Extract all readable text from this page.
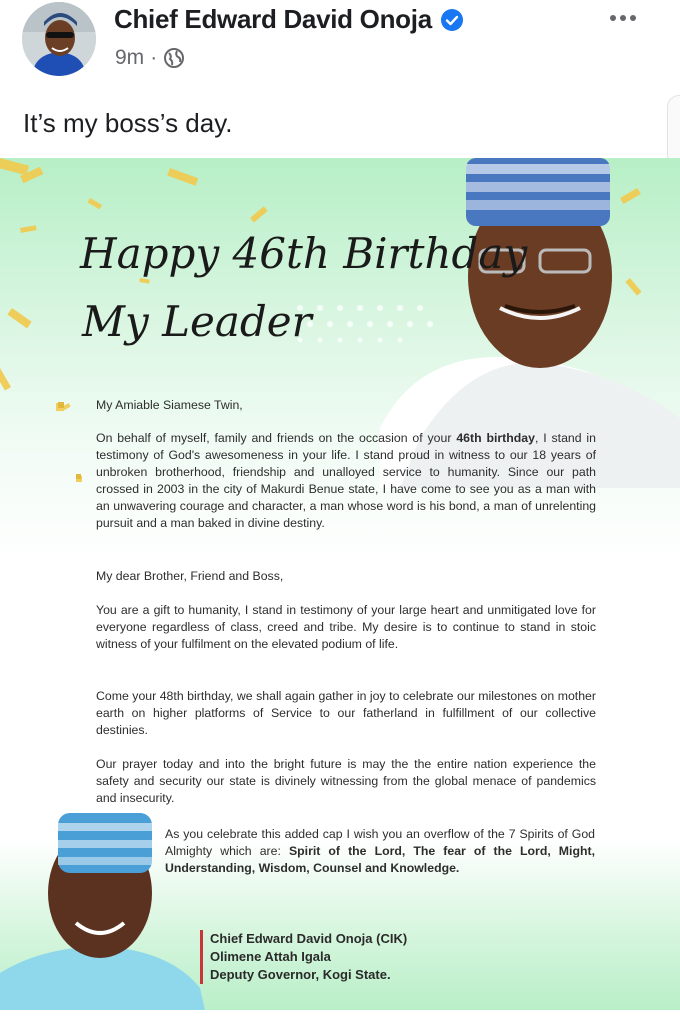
Chief Edward David Onoja
9m ·
It’s my boss’s day.
Happy 46th Birthday
My Leader
My Amiable Siamese Twin,
On behalf of myself, family and friends on the occasion of your 46th birthday, I stand in testimony of God's awesomeness in your life. I stand proud in witness to our 18 years of unbroken brotherhood, friendship and unalloyed service to humanity. Since our path crossed in 2003 in the city of Makurdi Benue state, I have come to see you as a man with an unwavering courage and character, a man whose word is his bond, a man of unrelenting pursuit and a man baked in divine destiny.
My dear Brother, Friend and Boss,
You are a gift to humanity, I stand in testimony of your large heart and unmitigated love for everyone regardless of class, creed and tribe. My desire is to continue to stand in stoic witness of your fulfilment on the elevated podium of life.
Come your 48th birthday, we shall again gather in joy to celebrate our milestones on mother earth on higher platforms of Service to our fatherland in fulfillment of our collective destinies.
Our prayer today and into the bright future is may the the entire nation experience the safety and security our state is divinely witnessing from the global menace of pandemics and insecurity.
As you celebrate this added cap I wish you an overflow of the 7 Spirits of God Almighty which are: Spirit of the Lord, The fear of the Lord, Might, Understanding, Wisdom, Counsel and Knowledge.
Chief Edward David Onoja (CIK)
Olimene Attah Igala
Deputy Governor, Kogi State.
